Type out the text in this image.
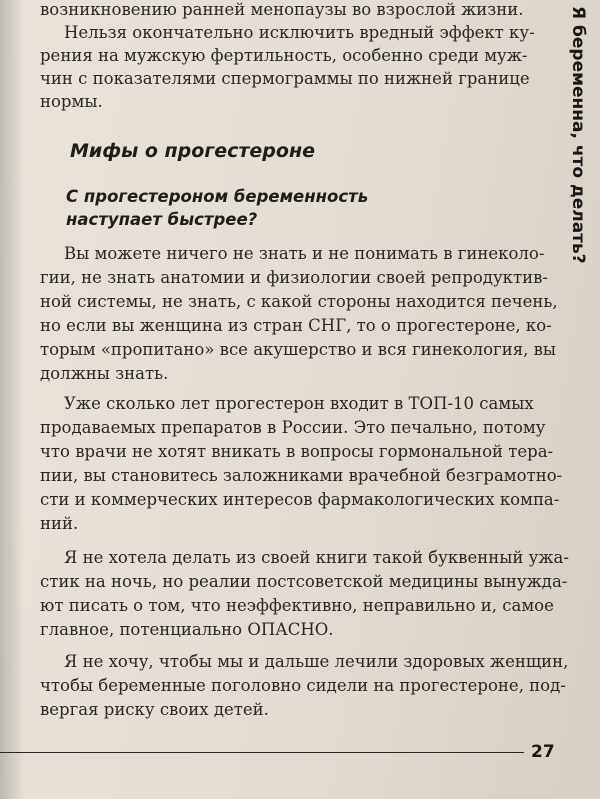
Я беременна, что делать?
возникновению ранней менопаузы во взрослой жизни.
Нельзя окончательно исключить вредный эффект ку-
рения на мужскую фертильность, особенно среди муж-
чин с показателями спермограммы по нижней границе
нормы.
Мифы о прогестероне
С прогестероном беременность
наступает быстрее?
Вы можете ничего не знать и не понимать в гинеколо-
гии, не знать анатомии и физиологии своей репродуктив-
ной системы, не знать, с какой стороны находится печень,
но если вы женщина из стран СНГ, то о прогестероне, ко-
торым «пропитано» все акушерство и вся гинекология, вы
должны знать.
Уже сколько лет прогестерон входит в ТОП-10 самых
продаваемых препаратов в России. Это печально, потому
что врачи не хотят вникать в вопросы гормональной тера-
пии, вы становитесь заложниками врачебной безграмотно-
сти и коммерческих интересов фармакологических компа-
ний.
Я не хотела делать из своей книги такой буквенный ужа-
стик на ночь, но реалии постсоветской медицины вынужда-
ют писать о том, что неэффективно, неправильно и, самое
главное, потенциально ОПАСНО.
Я не хочу, чтобы мы и дальше лечили здоровых женщин,
чтобы беременные поголовно сидели на прогестероне, под-
вергая риску своих детей.
27
